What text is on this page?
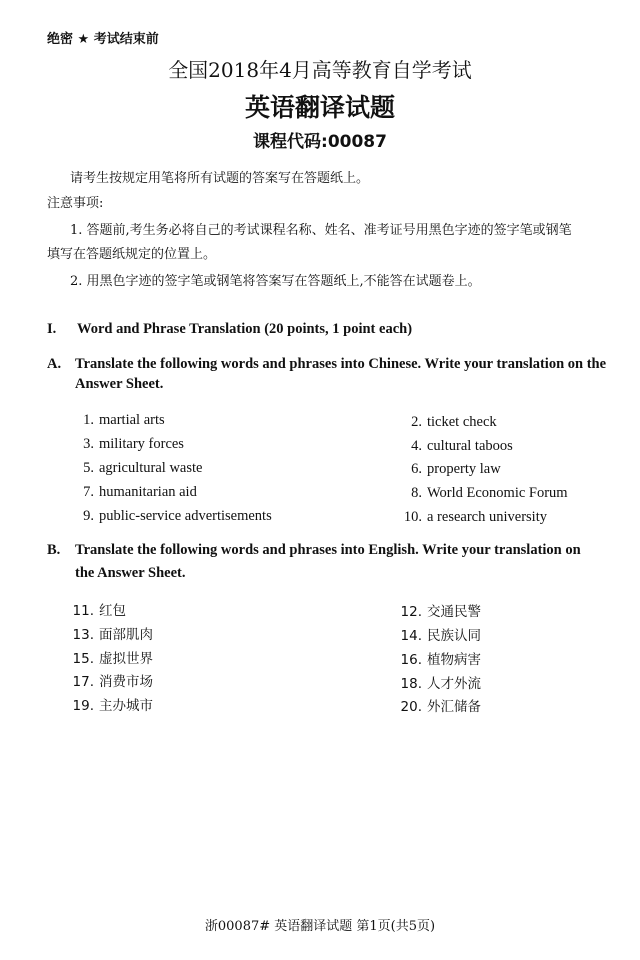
绝密 ★ 考试结束前
全国2018年4月高等教育自学考试
英语翻译试题
课程代码:00087
请考生按规定用笔将所有试题的答案写在答题纸上。
注意事项:
1. 答题前,考生务必将自己的考试课程名称、姓名、准考证号用黑色字迹的签字笔或钢笔
填写在答题纸规定的位置上。
2. 用黑色字迹的签字笔或钢笔将答案写在答题纸上,不能答在试题卷上。
I. Word and Phrase Translation (20 points, 1 point each)
A. Translate the following words and phrases into Chinese. Write your translation on the
Answer Sheet.
1. martial arts
3. military forces
5. agricultural waste
7. humanitarian aid
9. public-service advertisements
2. ticket check
4. cultural taboos
6. property law
8. World Economic Forum
10. a research university
B. Translate the following words and phrases into English. Write your translation on
the Answer Sheet.
11. 红包
13. 面部肌肉
15. 虚拟世界
17. 消费市场
19. 主办城市
12. 交通民警
14. 民族认同
16. 植物病害
18. 人才外流
20. 外汇储备
浙00087# 英语翻译试题 第1页(共5页)
